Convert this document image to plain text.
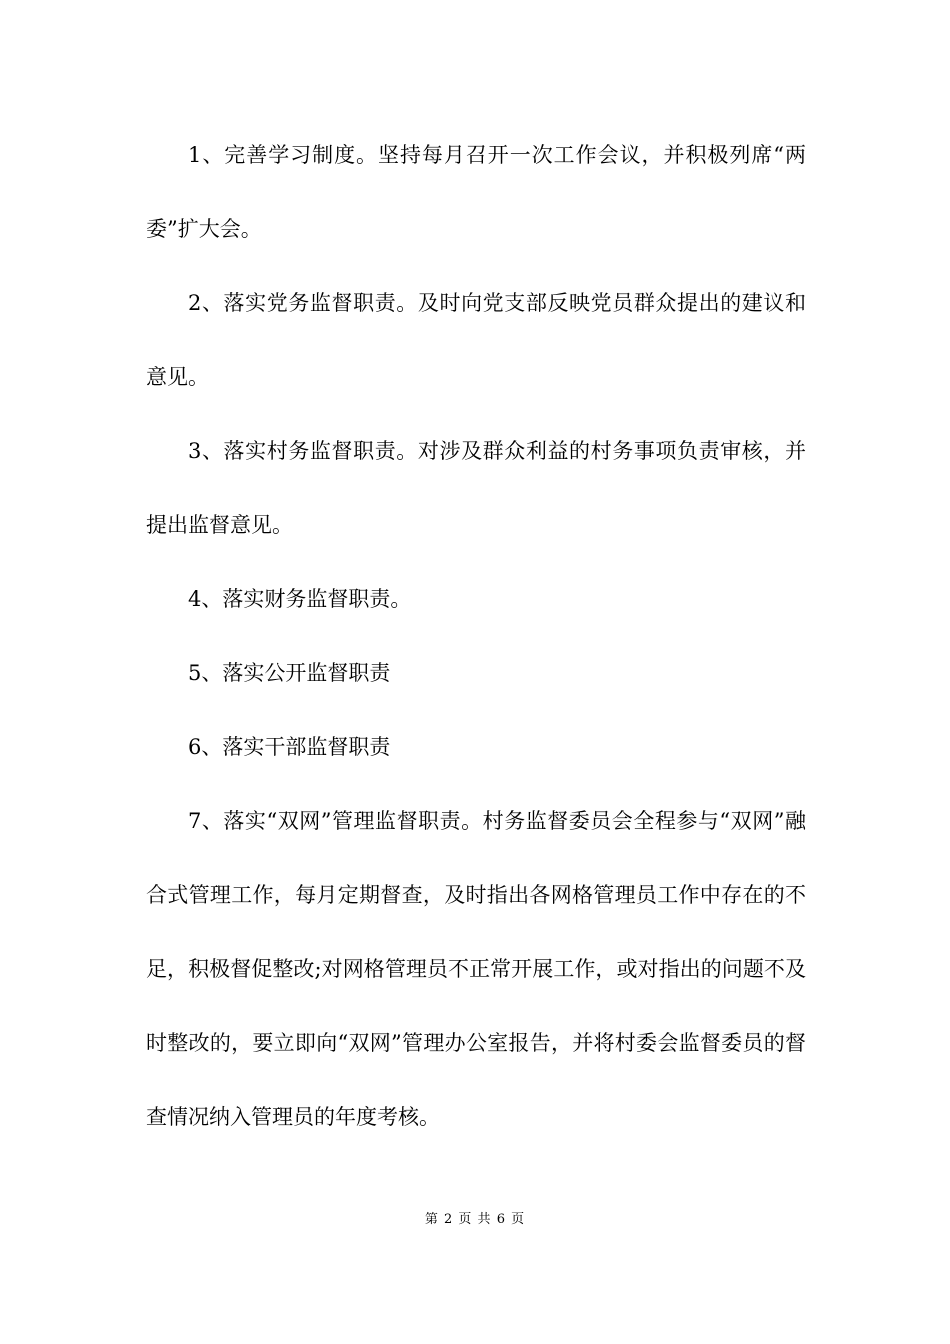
1、完善学习制度。坚持每月召开一次工作会议，并积极列席“两委”扩大会。

2、落实党务监督职责。及时向党支部反映党员群众提出的建议和意见。

3、落实村务监督职责。对涉及群众利益的村务事项负责审核，并提出监督意见。

4、落实财务监督职责。

5、落实公开监督职责

6、落实干部监督职责

7、落实“双网”管理监督职责。村务监督委员会全程参与“双网”融合式管理工作，每月定期督查，及时指出各网格管理员工作中存在的不足，积极督促整改;对网格管理员不正常开展工作，或对指出的问题不及时整改的，要立即向“双网”管理办公室报告，并将村委会监督委员的督查情况纳入管理员的年度考核。

第 2 页 共 6 页
